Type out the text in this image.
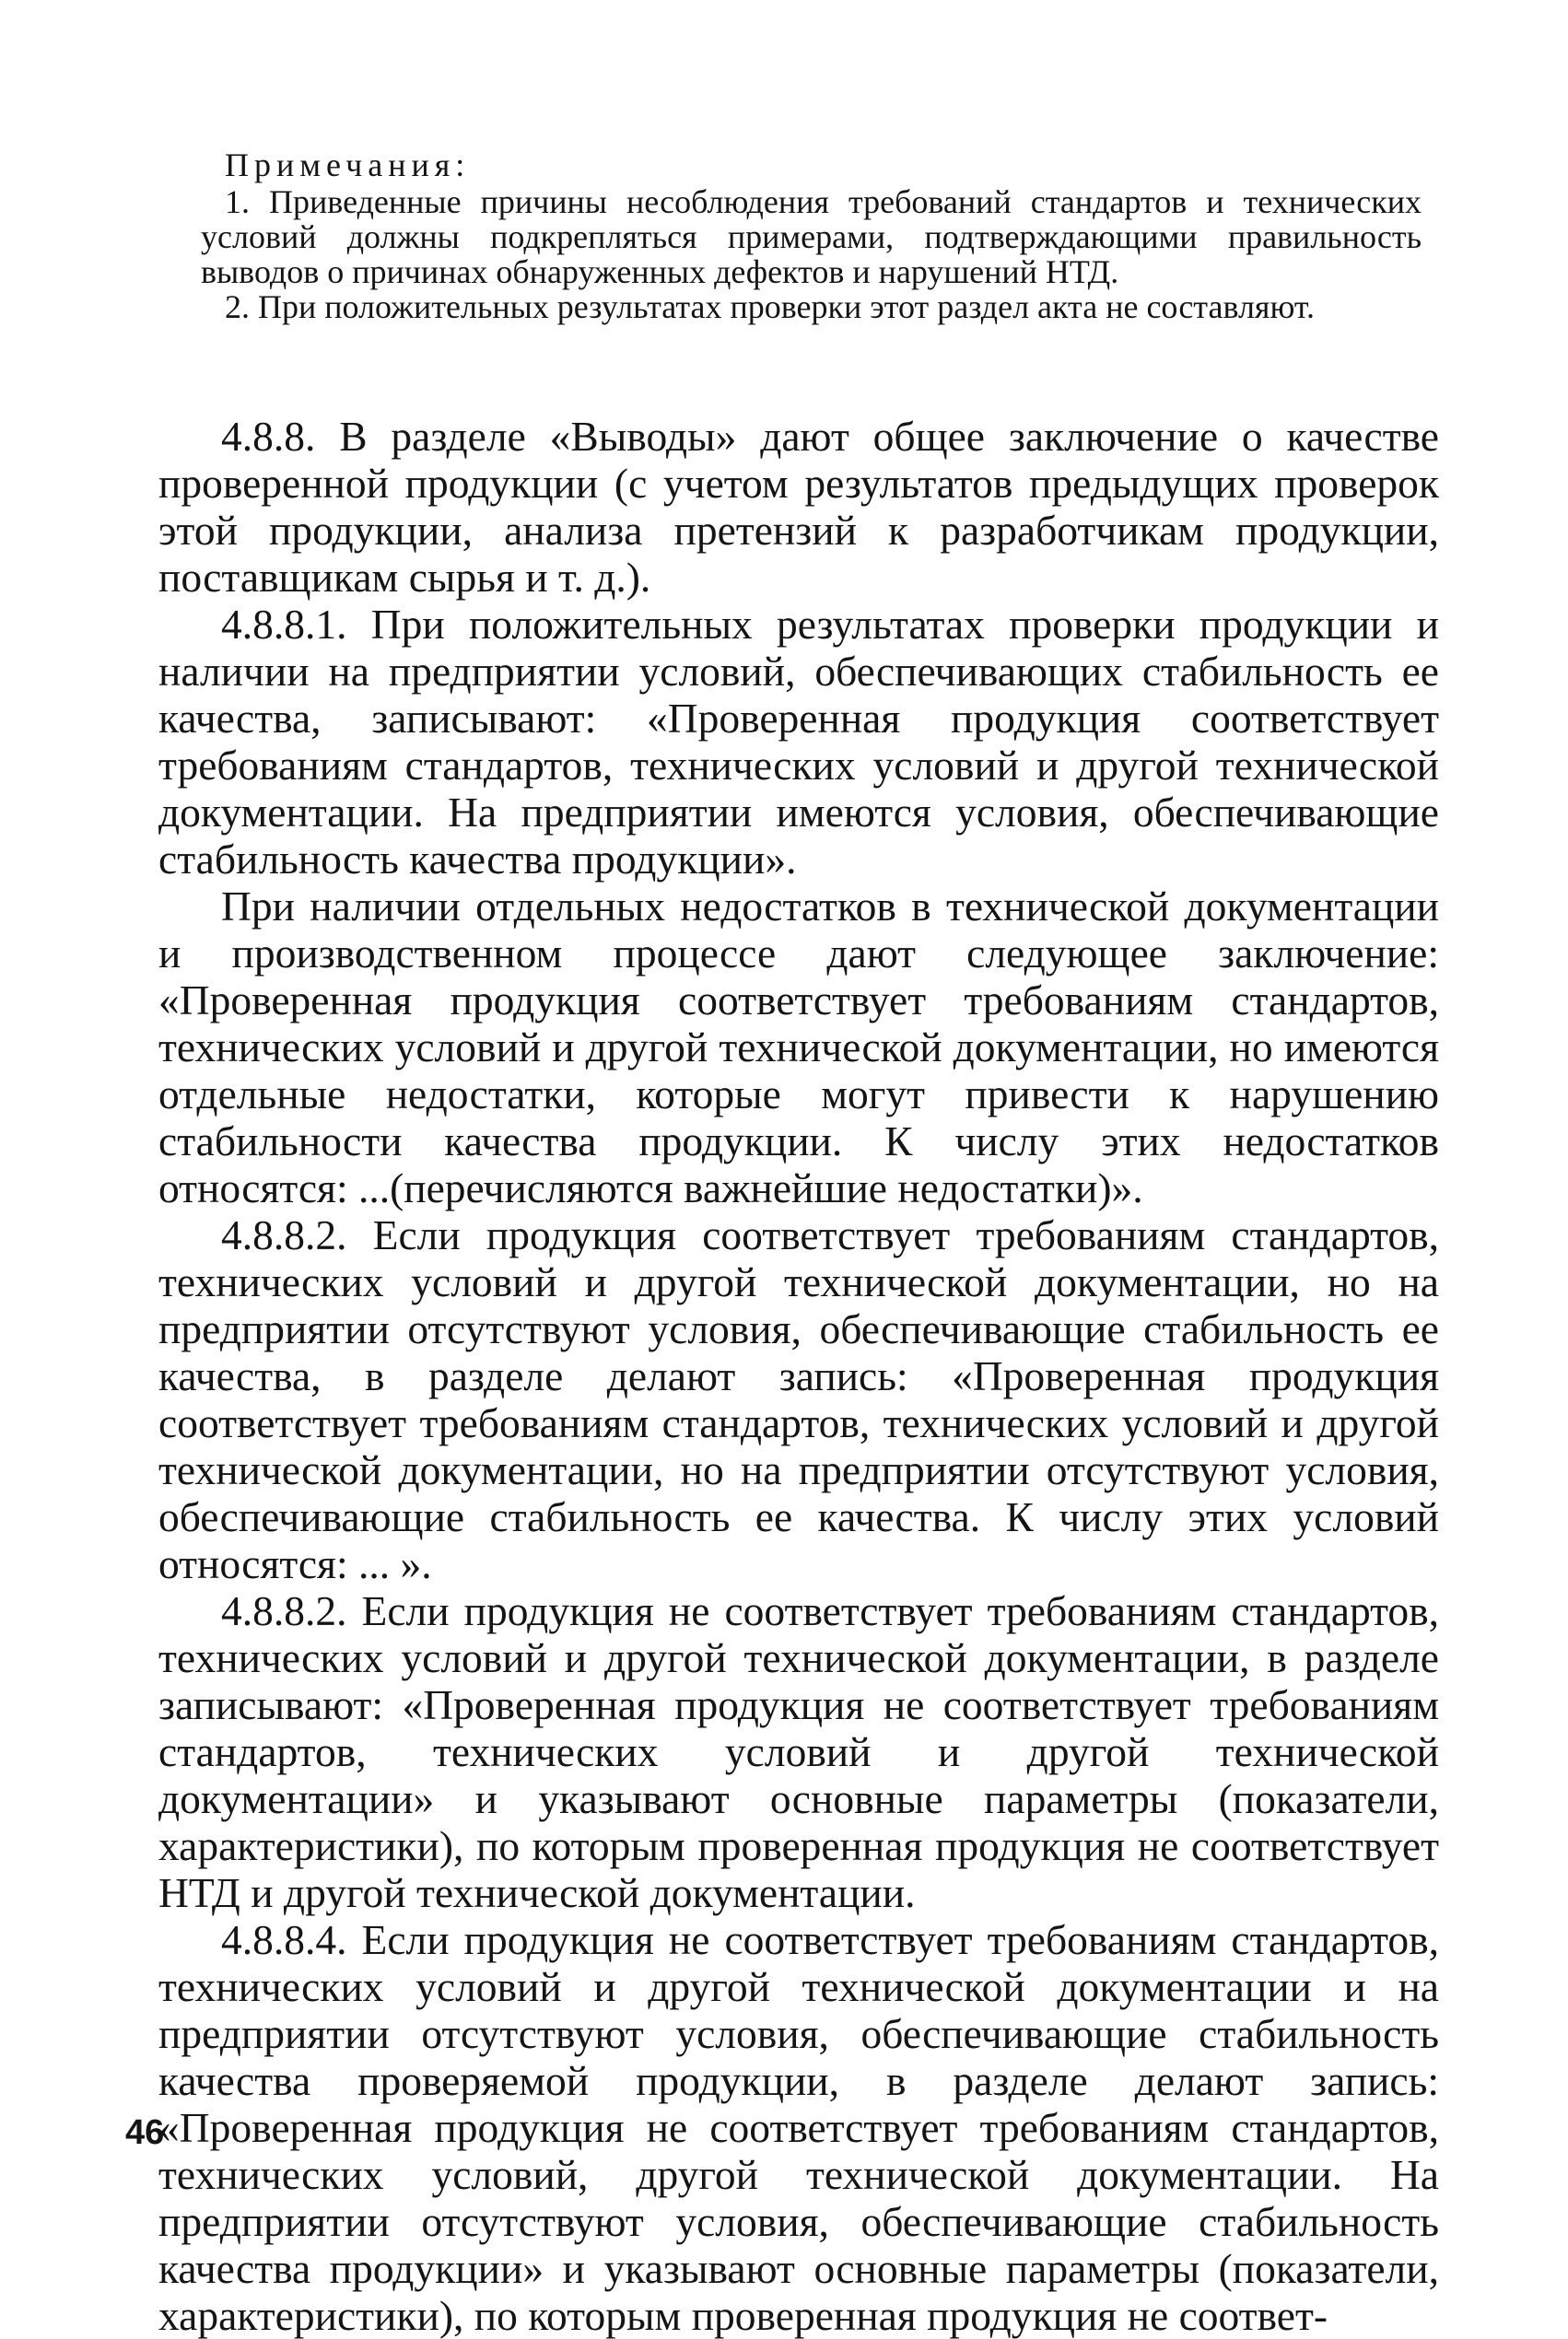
Примечания:

1. Приведенные причины несоблюдения требований стандартов и технических условий должны подкрепляться примерами, подтверждающими правильность выводов о причинах обнаруженных дефектов и нарушений НТД.

2. При положительных результатах проверки этот раздел акта не составляют.

4.8.8. В разделе «Выводы» дают общее заключение о качестве проверенной продукции (с учетом результатов предыдущих проверок этой продукции, анализа претензий к разработчикам продукции, поставщикам сырья и т. д.).

4.8.8.1. При положительных результатах проверки продукции и наличии на предприятии условий, обеспечивающих стабильность ее качества, записывают: «Проверенная продукция соответствует требованиям стандартов, технических условий и другой технической документации. На предприятии имеются условия, обеспечивающие стабильность качества продукции».

При наличии отдельных недостатков в технической документации и производственном процессе дают следующее заключение: «Проверенная продукция соответствует требованиям стандартов, технических условий и другой технической документации, но имеются отдельные недостатки, которые могут привести к нарушению стабильности качества продукции. К числу этих недостатков относятся: ...(перечисляются важнейшие недостатки)».

4.8.8.2. Если продукция соответствует требованиям стандартов, технических условий и другой технической документации, но на предприятии отсутствуют условия, обеспечивающие стабильность ее качества, в разделе делают запись: «Проверенная продукция соответствует требованиям стандартов, технических условий и другой технической документации, но на предприятии отсутствуют условия, обеспечивающие стабильность ее качества. К числу этих условий относятся: ... ».

4.8.8.2. Если продукция не соответствует требованиям стандартов, технических условий и другой технической документации, в разделе записывают: «Проверенная продукция не соответствует требованиям стандартов, технических условий и другой технической документации» и указывают основные параметры (показатели, характеристики), по которым проверенная продукция не соответствует НТД и другой технической документации.

4.8.8.4. Если продукция не соответствует требованиям стандартов, технических условий и другой технической документации и на предприятии отсутствуют условия, обеспечивающие стабильность качества проверяемой продукции, в разделе делают запись: «Проверенная продукция не соответствует требованиям стандартов, технических условий, другой технической документации. На предприятии отсутствуют условия, обеспечивающие стабильность качества продукции» и указывают основные параметры (показатели, характеристики), по которым проверенная продукция не соответ-

46
